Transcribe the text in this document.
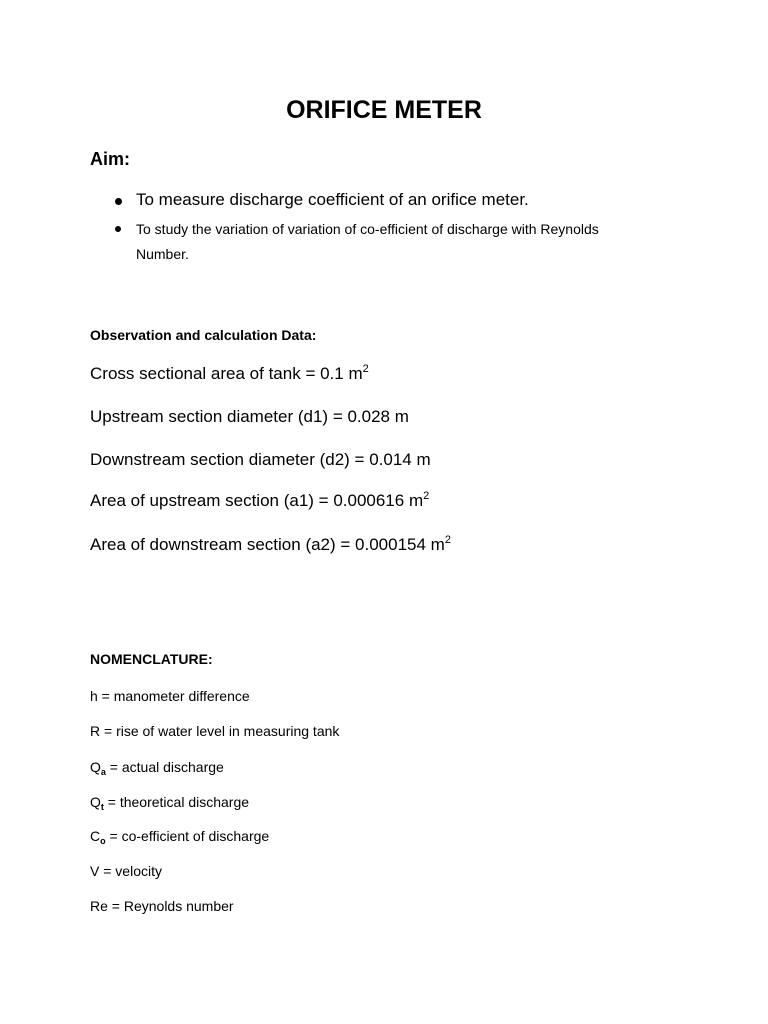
ORIFICE METER
Aim:
To measure discharge coefficient of an orifice meter.
To study the variation of variation of co-efficient of discharge with Reynolds
Number.
Observation and calculation Data:
Cross sectional area of tank = 0.1 $m^2$
Upstream section diameter (d1) = 0.028 m
Downstream section diameter (d2) = 0.014 m
Area of upstream section (a1) = 0.000616 $m^2$
Area of downstream section (a2) = 0.000154 $m^2$
NOMENCLATURE:
h = manometer difference
R = rise of water level in measuring tank
$Q_a$ = actual discharge
$Q_t$ = theoretical discharge
$C_o$ = co-efficient of discharge
V = velocity
Re = Reynolds number
